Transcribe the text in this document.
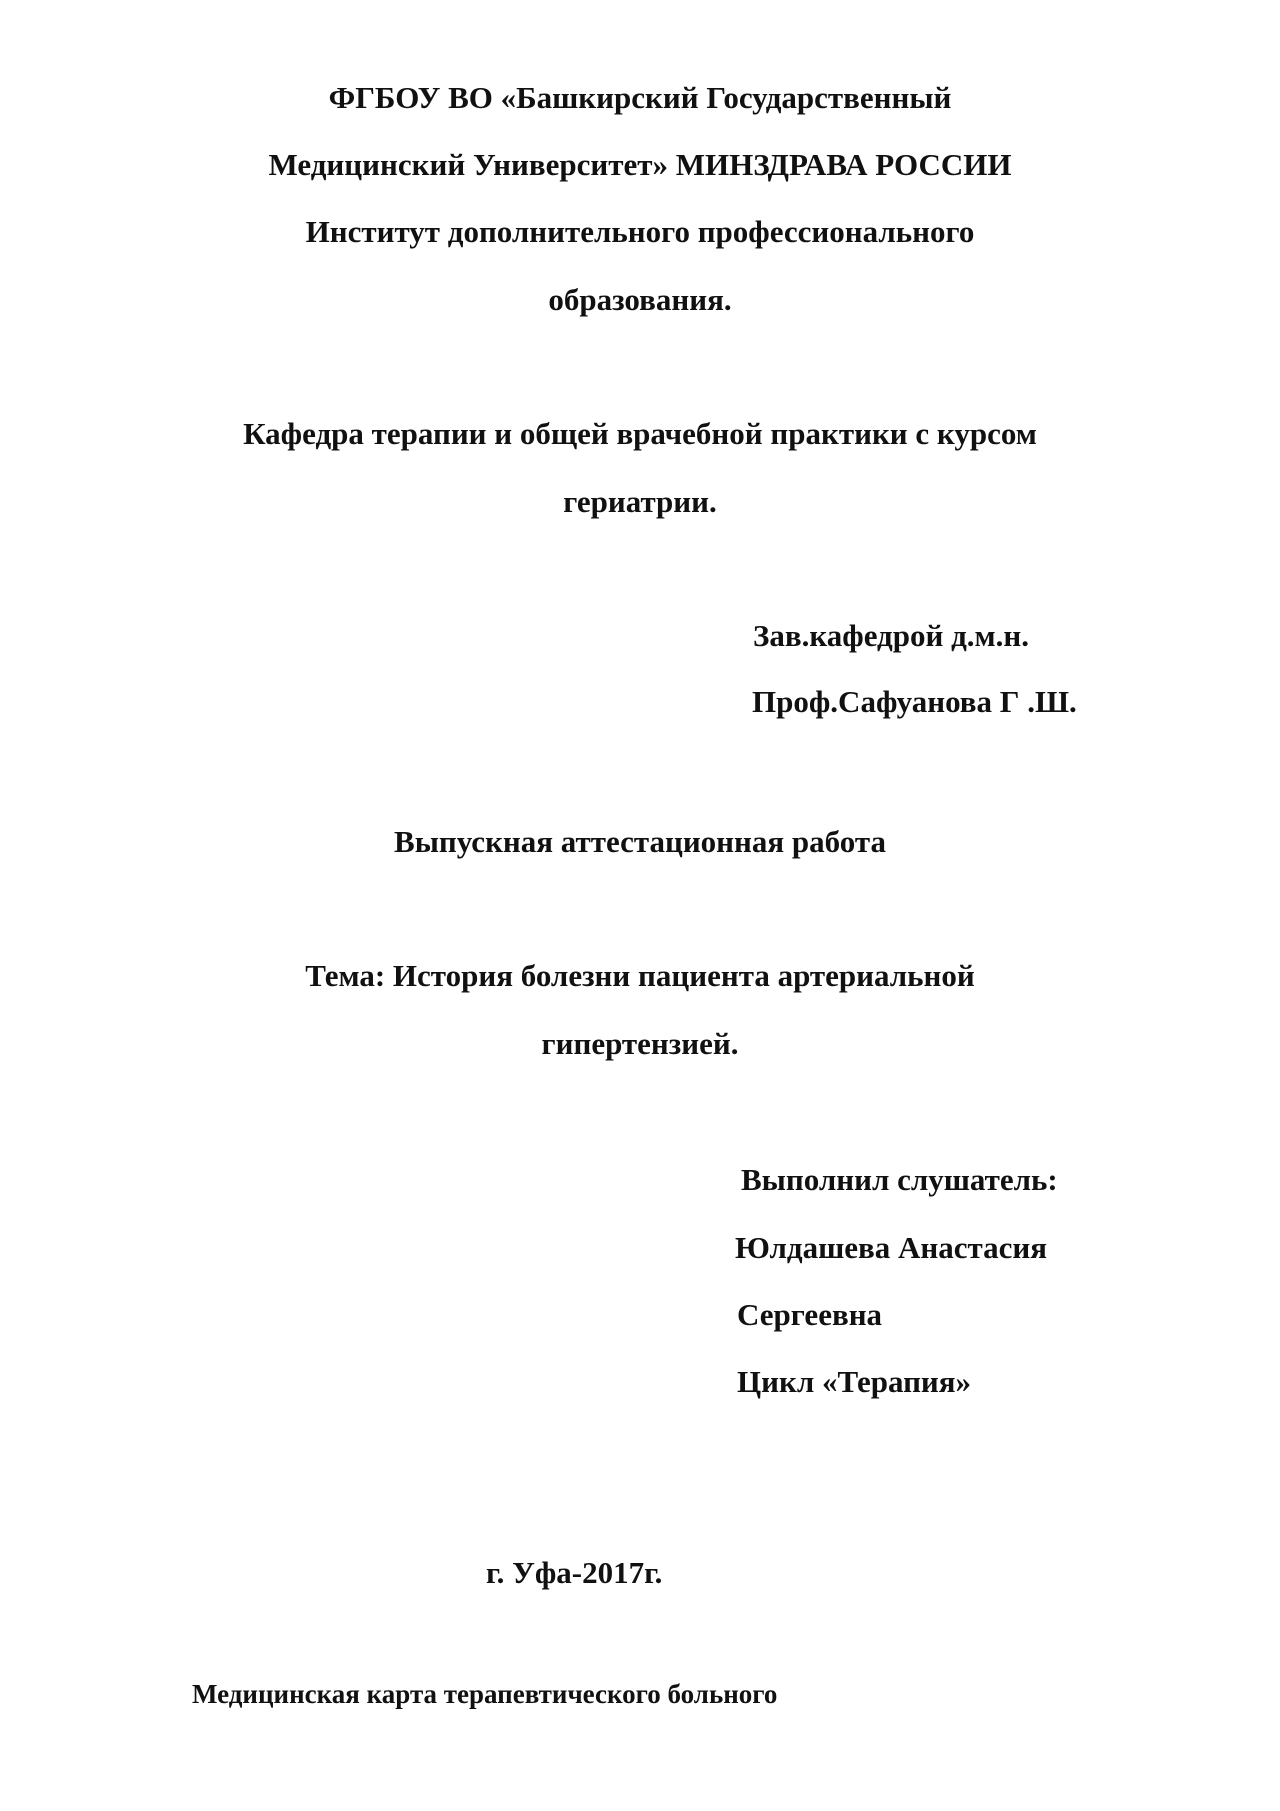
ФГБОУ ВО «Башкирский Государственный
Медицинский Университет» МИНЗДРАВА РОССИИ
Институт дополнительного профессионального
образования.
Кафедра терапии и общей врачебной практики с курсом
гериатрии.
Зав.кафедрой д.м.н.
Проф.Сафуанова Г .Ш.
Выпускная аттестационная работа
Тема: История болезни пациента артериальной
гипертензией.
Выполнил слушатель:
Юлдашева Анастасия
Сергеевна
Цикл «Терапия»
г. Уфа-2017г.
Медицинская карта терапевтического больного
